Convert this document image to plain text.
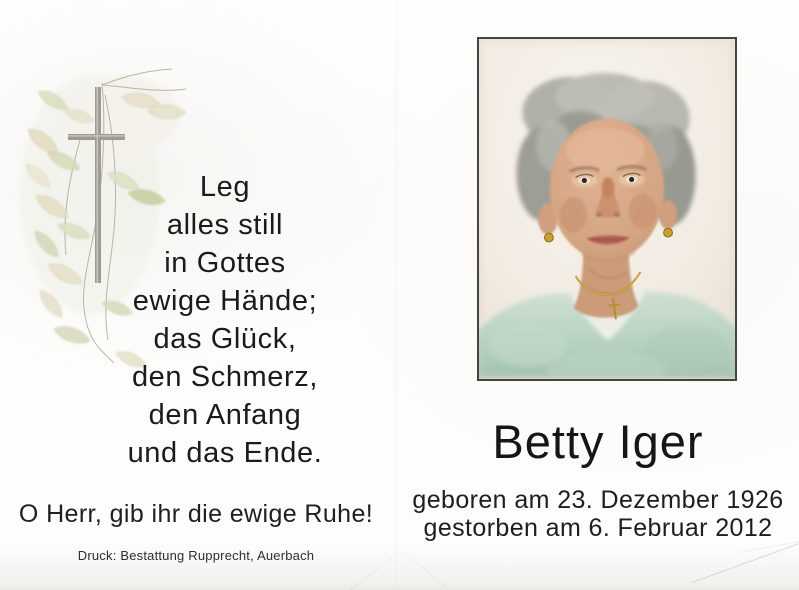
Leg
alles still
in Gottes
ewige Hände;
das Glück,
den Schmerz,
den Anfang
und das Ende.
O Herr, gib ihr die ewige Ruhe!
Druck: Bestattung Rupprecht, Auerbach
Betty Iger
geboren am 23. Dezember 1926
gestorben am 6. Februar 2012
